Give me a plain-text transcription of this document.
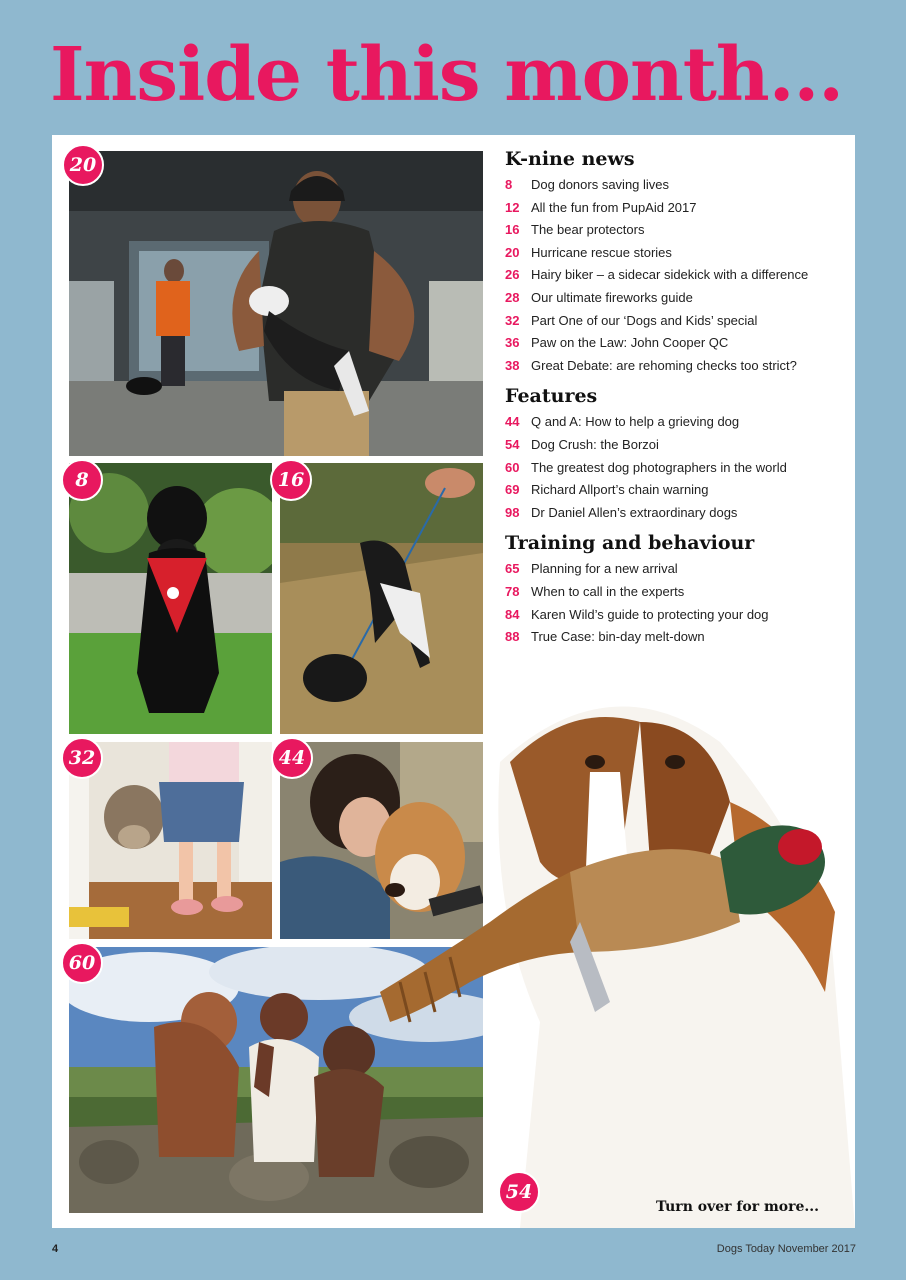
Inside this month...
20
8	16
32	44
60
54
K-nine news
8	Dog donors saving lives
12 All the fun from PupAid 2017
16 The bear protectors
20 Hurricane rescue stories
26 Hairy biker – a sidecar sidekick with a difference
28 Our ultimate fireworks guide
32 Part One of our ‘Dogs and Kids’ special
36 Paw on the Law: John Cooper QC
38 Great Debate: are rehoming checks too strict?
Features
44 Q and A: How to help a grieving dog
54 Dog Crush: the Borzoi
60 The greatest dog photographers in the world
69 Richard Allport’s chain warning
98 Dr Daniel Allen’s extraordinary dogs
Training and behaviour
65 Planning for a new arrival
78 When to call in the experts
84 Karen Wild’s guide to protecting your dog
88 True Case: bin-day melt-down
Turn over for more...
4	Dogs Today November 2017
